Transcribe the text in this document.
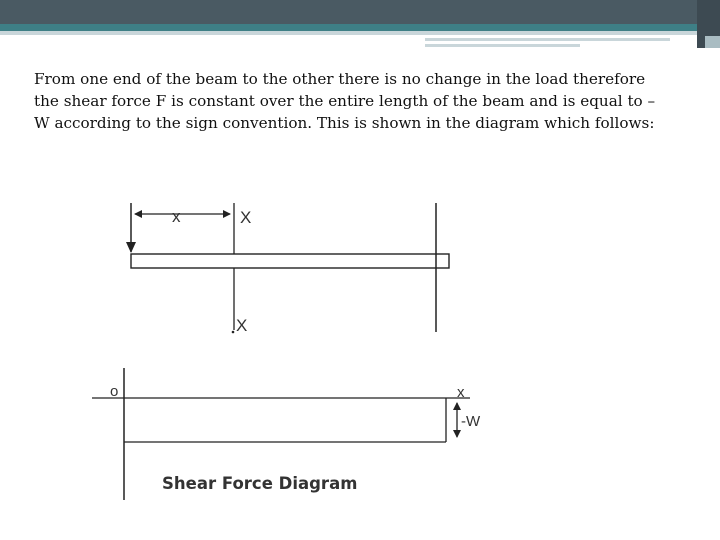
From one end of the beam to the other there is no change in the load therefore
the shear force F is constant over the entire length of the beam and is equal to –
W according to the sign convention. This is shown in the diagram which follows:

x	X
X
o	x
-W
Shear Force Diagram
